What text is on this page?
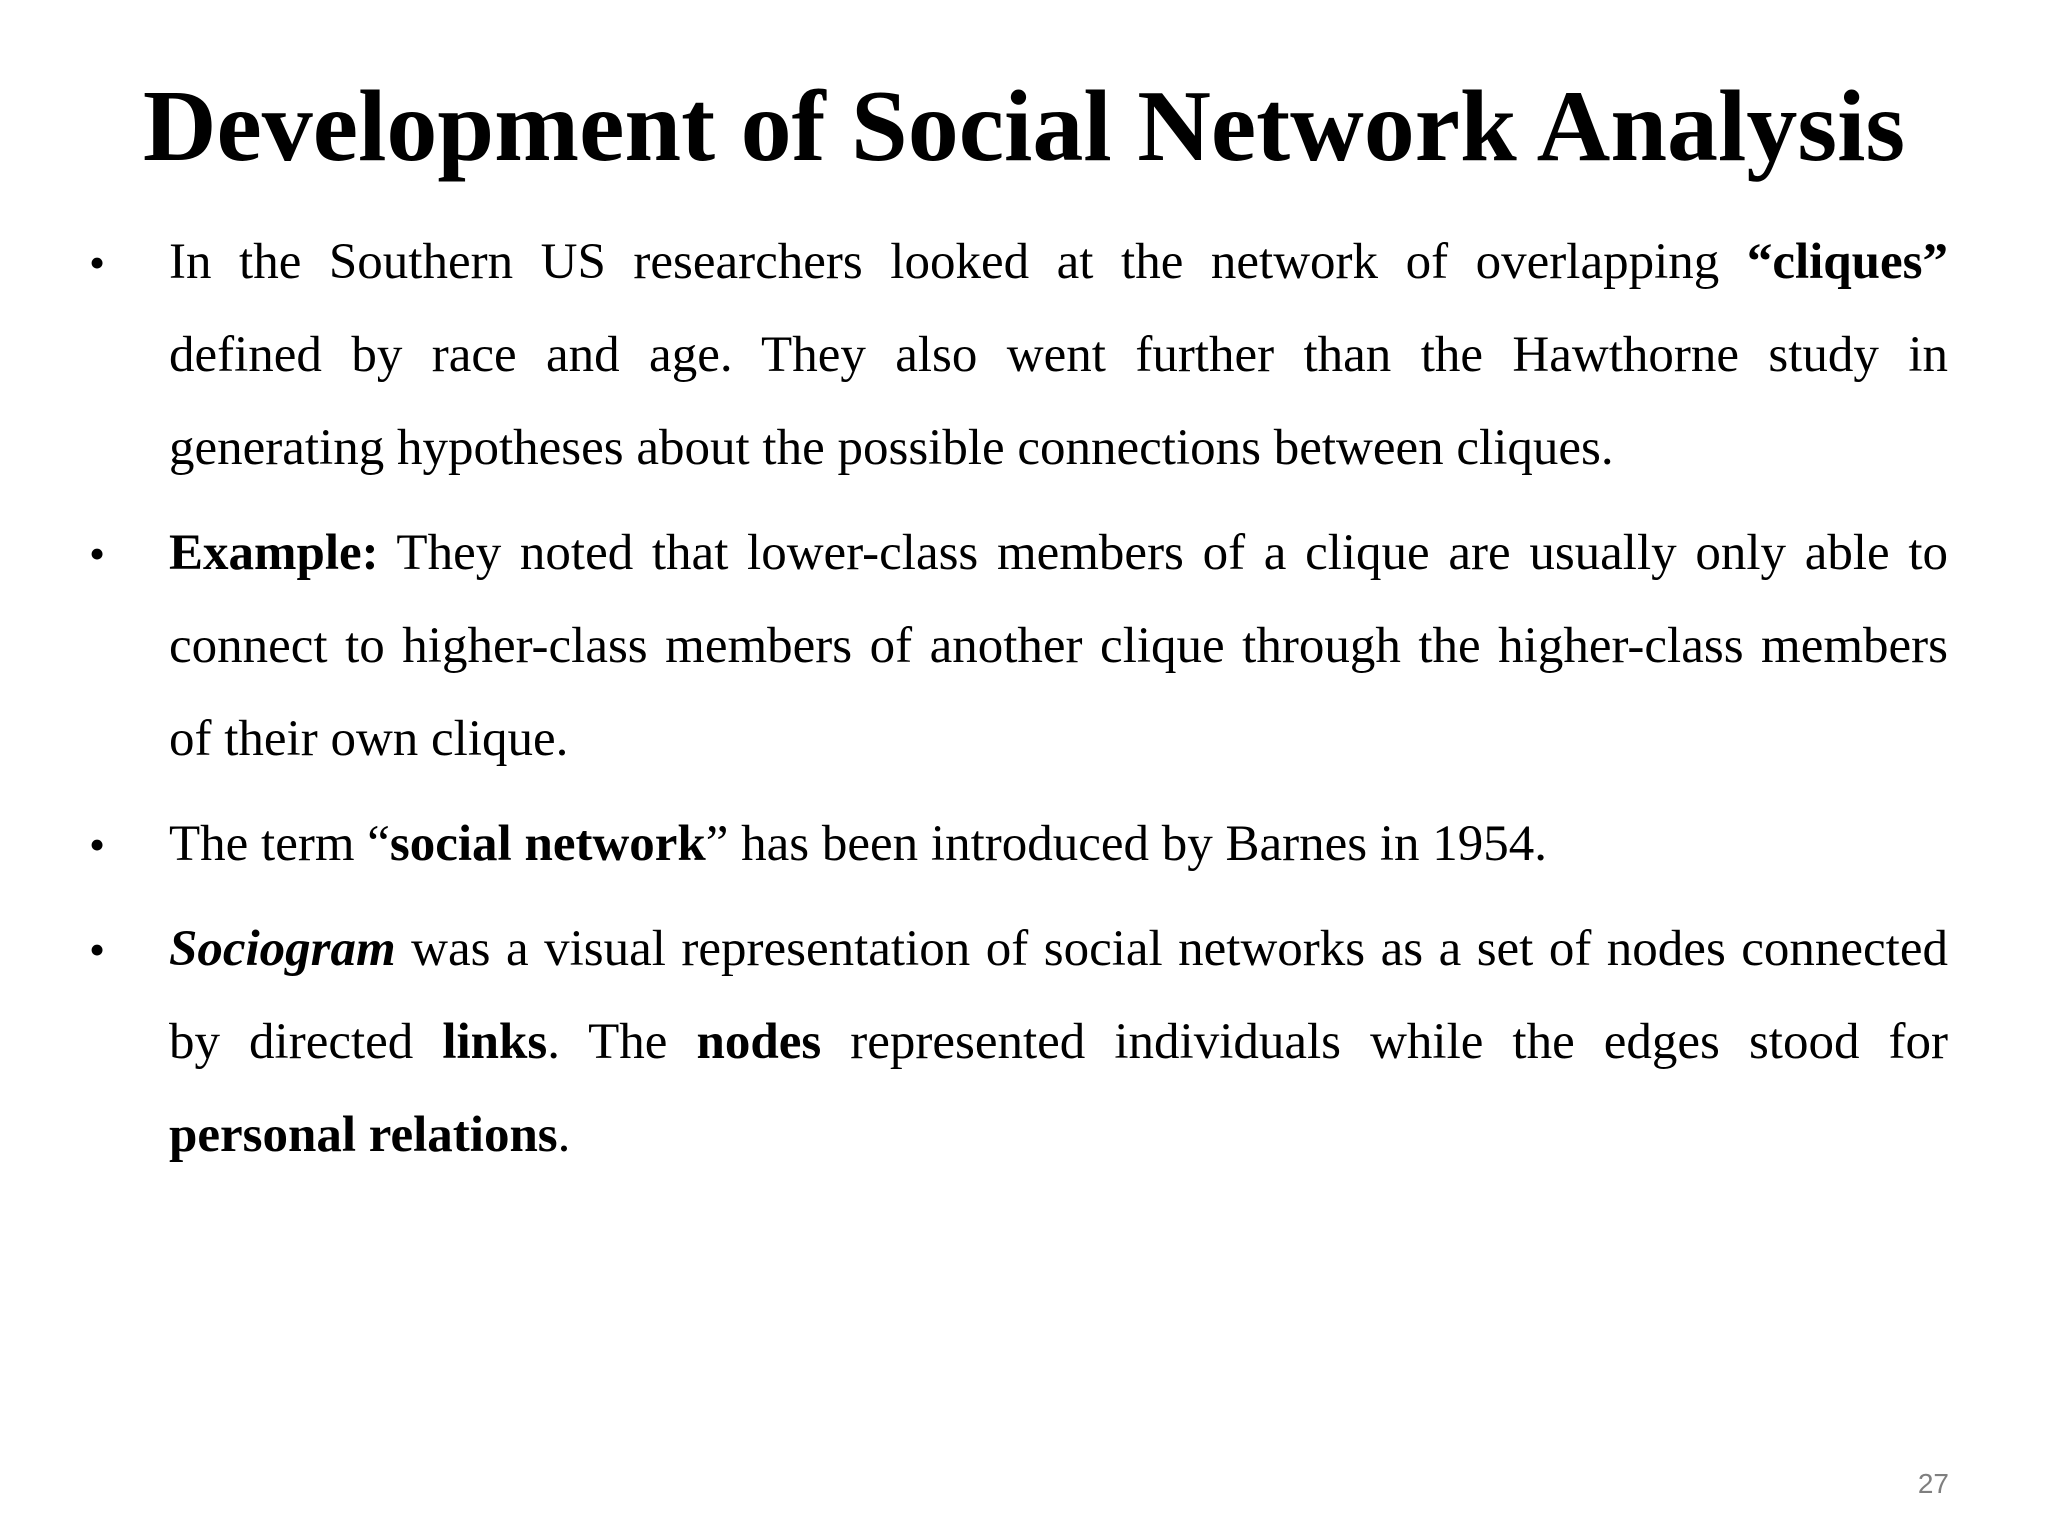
Development of Social Network Analysis
• In the Southern US researchers looked at the network of overlapping “cliques” defined by race and age. They also went further than the Hawthorne study in generating hypotheses about the possible connections between cliques.
• Example: They noted that lower-class members of a clique are usually only able to connect to higher-class members of another clique through the higher-class members of their own clique.
• The term “social network” has been introduced by Barnes in 1954.
• Sociogram was a visual representation of social networks as a set of nodes connected by directed links. The nodes represented individuals while the edges stood for personal relations.
27
